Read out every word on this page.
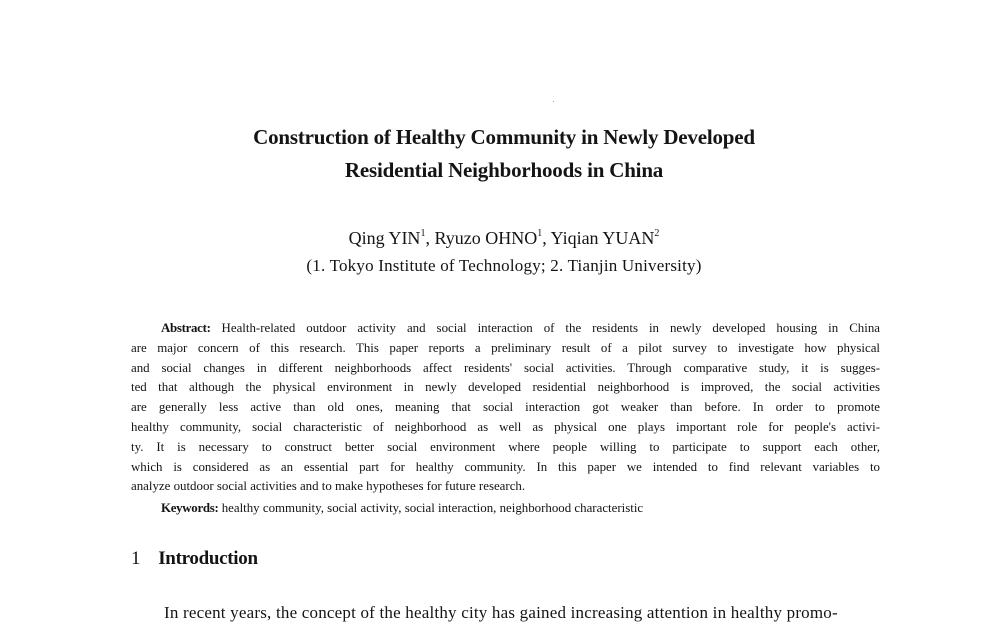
Construction of Healthy Community in Newly Developed
Residential Neighborhoods in China
Qing YIN$^1$, Ryuzo OHNO$^1$, Yiqian YUAN$^2$
(1. Tokyo Institute of Technology; 2. Tianjin University)
Abstract: Health-related outdoor activity and social interaction of the residents in newly developed housing in China
are major concern of this research. This paper reports a preliminary result of a pilot survey to investigate how physical
and social changes in different neighborhoods affect residents' social activities. Through comparative study, it is sugges-
ted that although the physical environment in newly developed residential neighborhood is improved, the social activities
are generally less active than old ones, meaning that social interaction got weaker than before. In order to promote
healthy community, social characteristic of neighborhood as well as physical one plays important role for people's activi-
ty. It is necessary to construct better social environment where people willing to participate to support each other,
which is considered as an essential part for healthy community. In this paper we intended to find relevant variables to
analyze outdoor social activities and to make hypotheses for future research.
Keywords: healthy community, social activity, social interaction, neighborhood characteristic
1 Introduction
In recent years, the concept of the healthy city has gained increasing attention in healthy promo-
